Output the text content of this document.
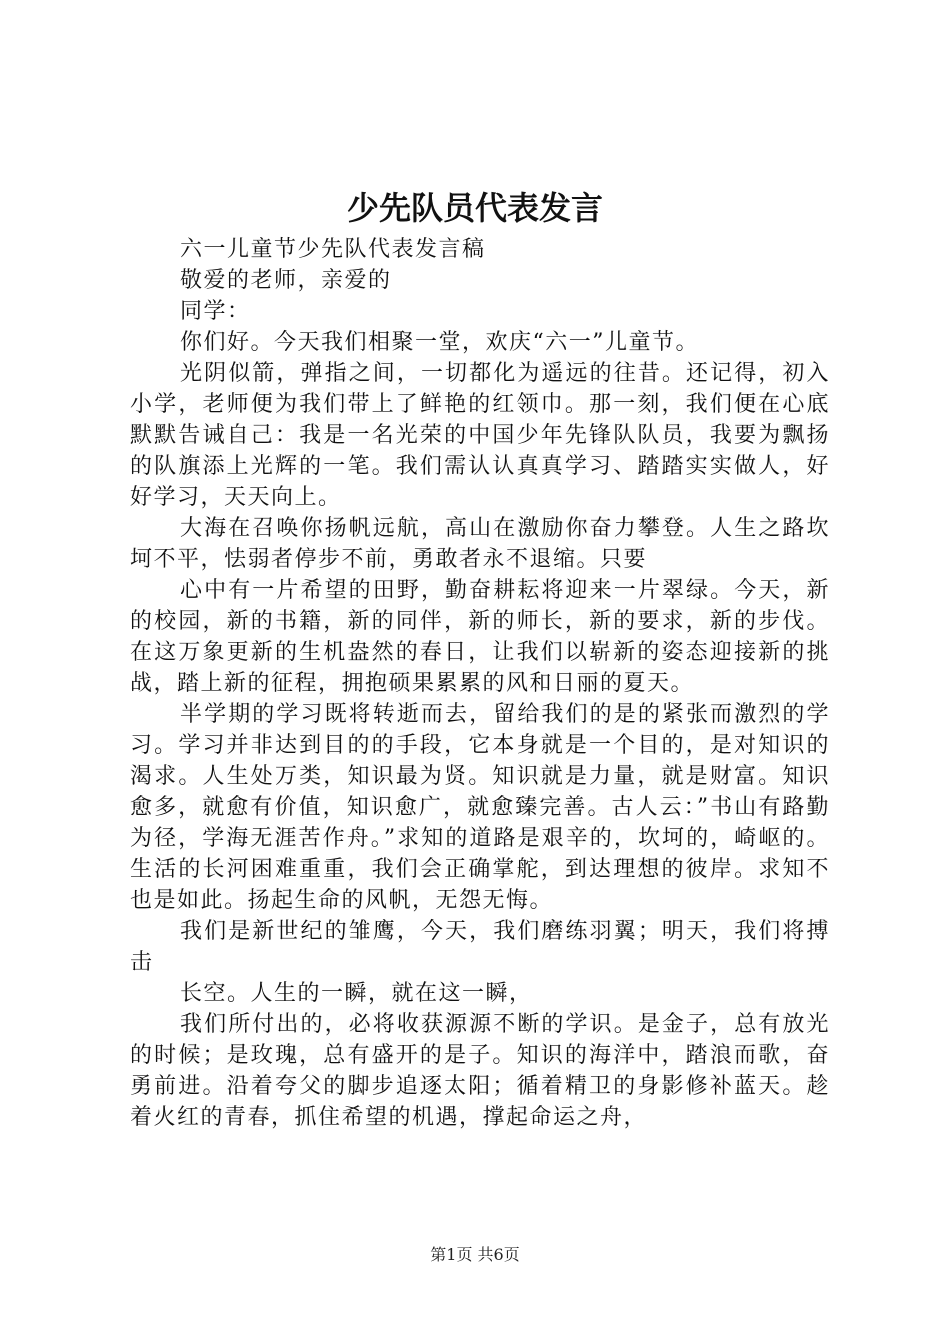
少先队员代表发言

六一儿童节少先队代表发言稿

敬爱的老师，亲爱的

同学：

你们好。今天我们相聚一堂，欢庆“六一”儿童节。

光阴似箭，弹指之间，一切都化为遥远的往昔。还记得，初入小学，老师便为我们带上了鲜艳的红领巾。那一刻，我们便在心底默默告诫自己：我是一名光荣的中国少年先锋队队员，我要为飘扬的队旗添上光辉的一笔。我们需认认真真学习、踏踏实实做人，好好学习，天天向上。

大海在召唤你扬帆远航，高山在激励你奋力攀登。人生之路坎坷不平，怯弱者停步不前，勇敢者永不退缩。只要

心中有一片希望的田野，勤奋耕耘将迎来一片翠绿。今天，新的校园，新的书籍，新的同伴，新的师长，新的要求，新的步伐。在这万象更新的生机盎然的春日，让我们以崭新的姿态迎接新的挑战，踏上新的征程，拥抱硕果累累的风和日丽的夏天。

半学期的学习既将转逝而去，留给我们的是的紧张而激烈的学习。学习并非达到目的的手段，它本身就是一个目的，是对知识的渴求。人生处万类，知识最为贤。知识就是力量，就是财富。知识愈多，就愈有价值，知识愈广，就愈臻完善。古人云：”书山有路勤为径，学海无涯苦作舟。”求知的道路是艰辛的，坎坷的，崎岖的。生活的长河困难重重，我们会正确掌舵，到达理想的彼岸。求知不也是如此。扬起生命的风帆，无怨无悔。

我们是新世纪的雏鹰，今天，我们磨练羽翼；明天，我们将搏击

长空。人生的一瞬，就在这一瞬，

我们所付出的，必将收获源源不断的学识。是金子，总有放光的时候；是玫瑰，总有盛开的是子。知识的海洋中，踏浪而歌，奋勇前进。沿着夸父的脚步追逐太阳；循着精卫的身影修补蓝天。趁着火红的青春，抓住希望的机遇，撑起命运之舟，

第1页 共6页
